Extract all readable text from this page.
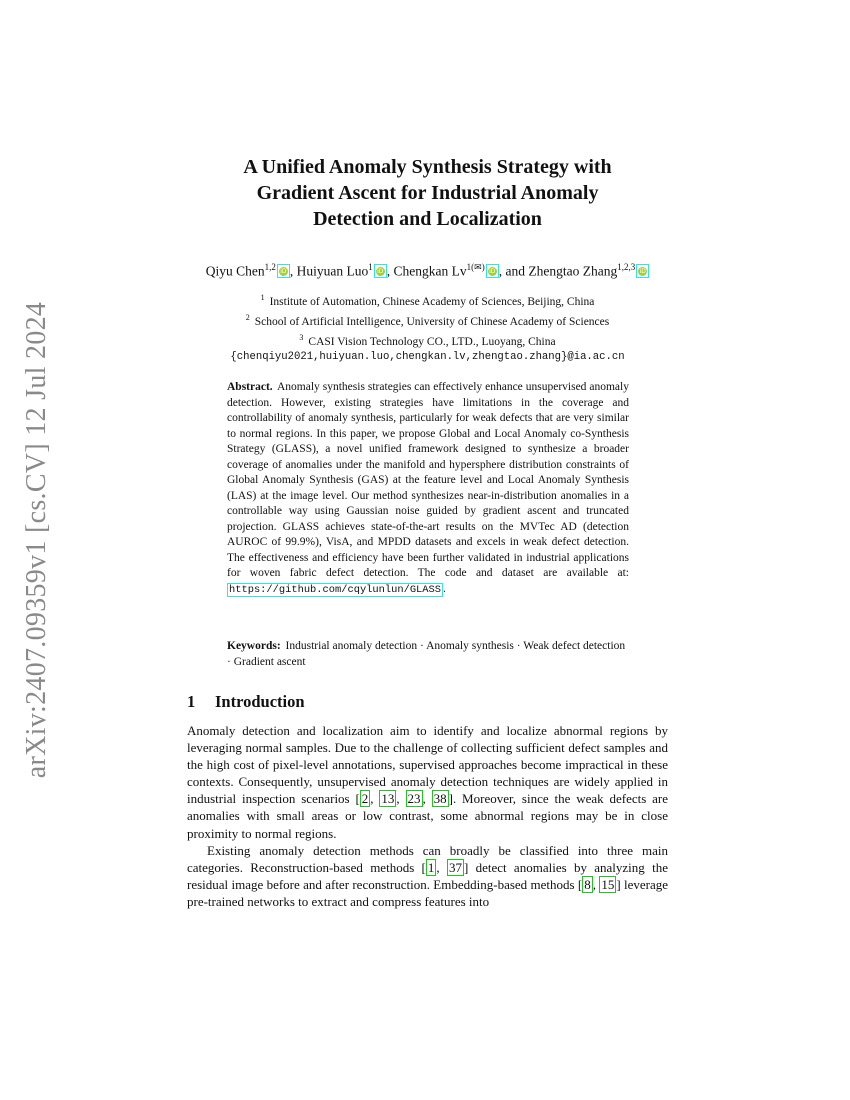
arXiv:2407.09359v1 [cs.CV] 12 Jul 2024
A Unified Anomaly Synthesis Strategy with
Gradient Ascent for Industrial Anomaly
Detection and Localization
Qiyu Chen$^{1,2}$ iD , Huiyuan Luo$^1$ iD , Chengkan $Lv^{1(✉)}$ iD , and Zhengtao Zhang$^{1,2,3}$ iD
$^1$ Institute of Automation, Chinese Academy of Sciences, Beijing, China
$^2$ School of Artificial Intelligence, University of Chinese Academy of Sciences
$^3$ CASI Vision Technology CO., LTD., Luoyang, China
{chenqiyu2021,huiyuan.luo,chengkan.lv,zhengtao.zhang}@ia.ac.cn
Abstract. Anomaly synthesis strategies can effectively enhance unsupervised anomaly detection. However, existing strategies have limitations in the coverage and controllability of anomaly synthesis, particularly for weak defects that are very similar to normal regions. In this paper, we propose Global and Local Anomaly co-Synthesis Strategy (GLASS), a novel unified framework designed to synthesize a broader coverage of anomalies under the manifold and hypersphere distribution constraints of Global Anomaly Synthesis (GAS) at the feature level and Local Anomaly Synthesis (LAS) at the image level. Our method synthesizes near-in-distribution anomalies in a controllable way using Gaussian noise guided by gradient ascent and truncated projection. GLASS achieves state-of-the-art results on the MVTec AD (detection AUROC of 99.9%), VisA, and MPDD datasets and excels in weak defect detection. The effectiveness and efficiency have been further validated in industrial applications for woven fabric defect detection. The code and dataset are available at: https://github.com/cqylunlun/GLASS .
Keywords: Industrial anomaly detection · Anomaly synthesis · Weak defect detection · Gradient ascent
1 Introduction

Anomaly detection and localization aim to identify and localize abnormal regions by leveraging normal samples. Due to the challenge of collecting sufficient defect samples and the high cost of pixel-level annotations, supervised approaches become impractical in these contexts. Consequently, unsupervised anomaly detection techniques are widely applied in industrial inspection scenarios [ 2 , 13 , 23 , 38 ]. Moreover, since the weak defects are anomalies with small areas or low contrast, some abnormal regions may be in close proximity to normal regions.

Existing anomaly detection methods can broadly be classified into three main categories. Reconstruction-based methods [ 1 , 37 ] detect anomalies by analyzing the residual image before and after reconstruction. Embedding-based methods [ 8 , 15 ] leverage pre-trained networks to extract and compress features into
